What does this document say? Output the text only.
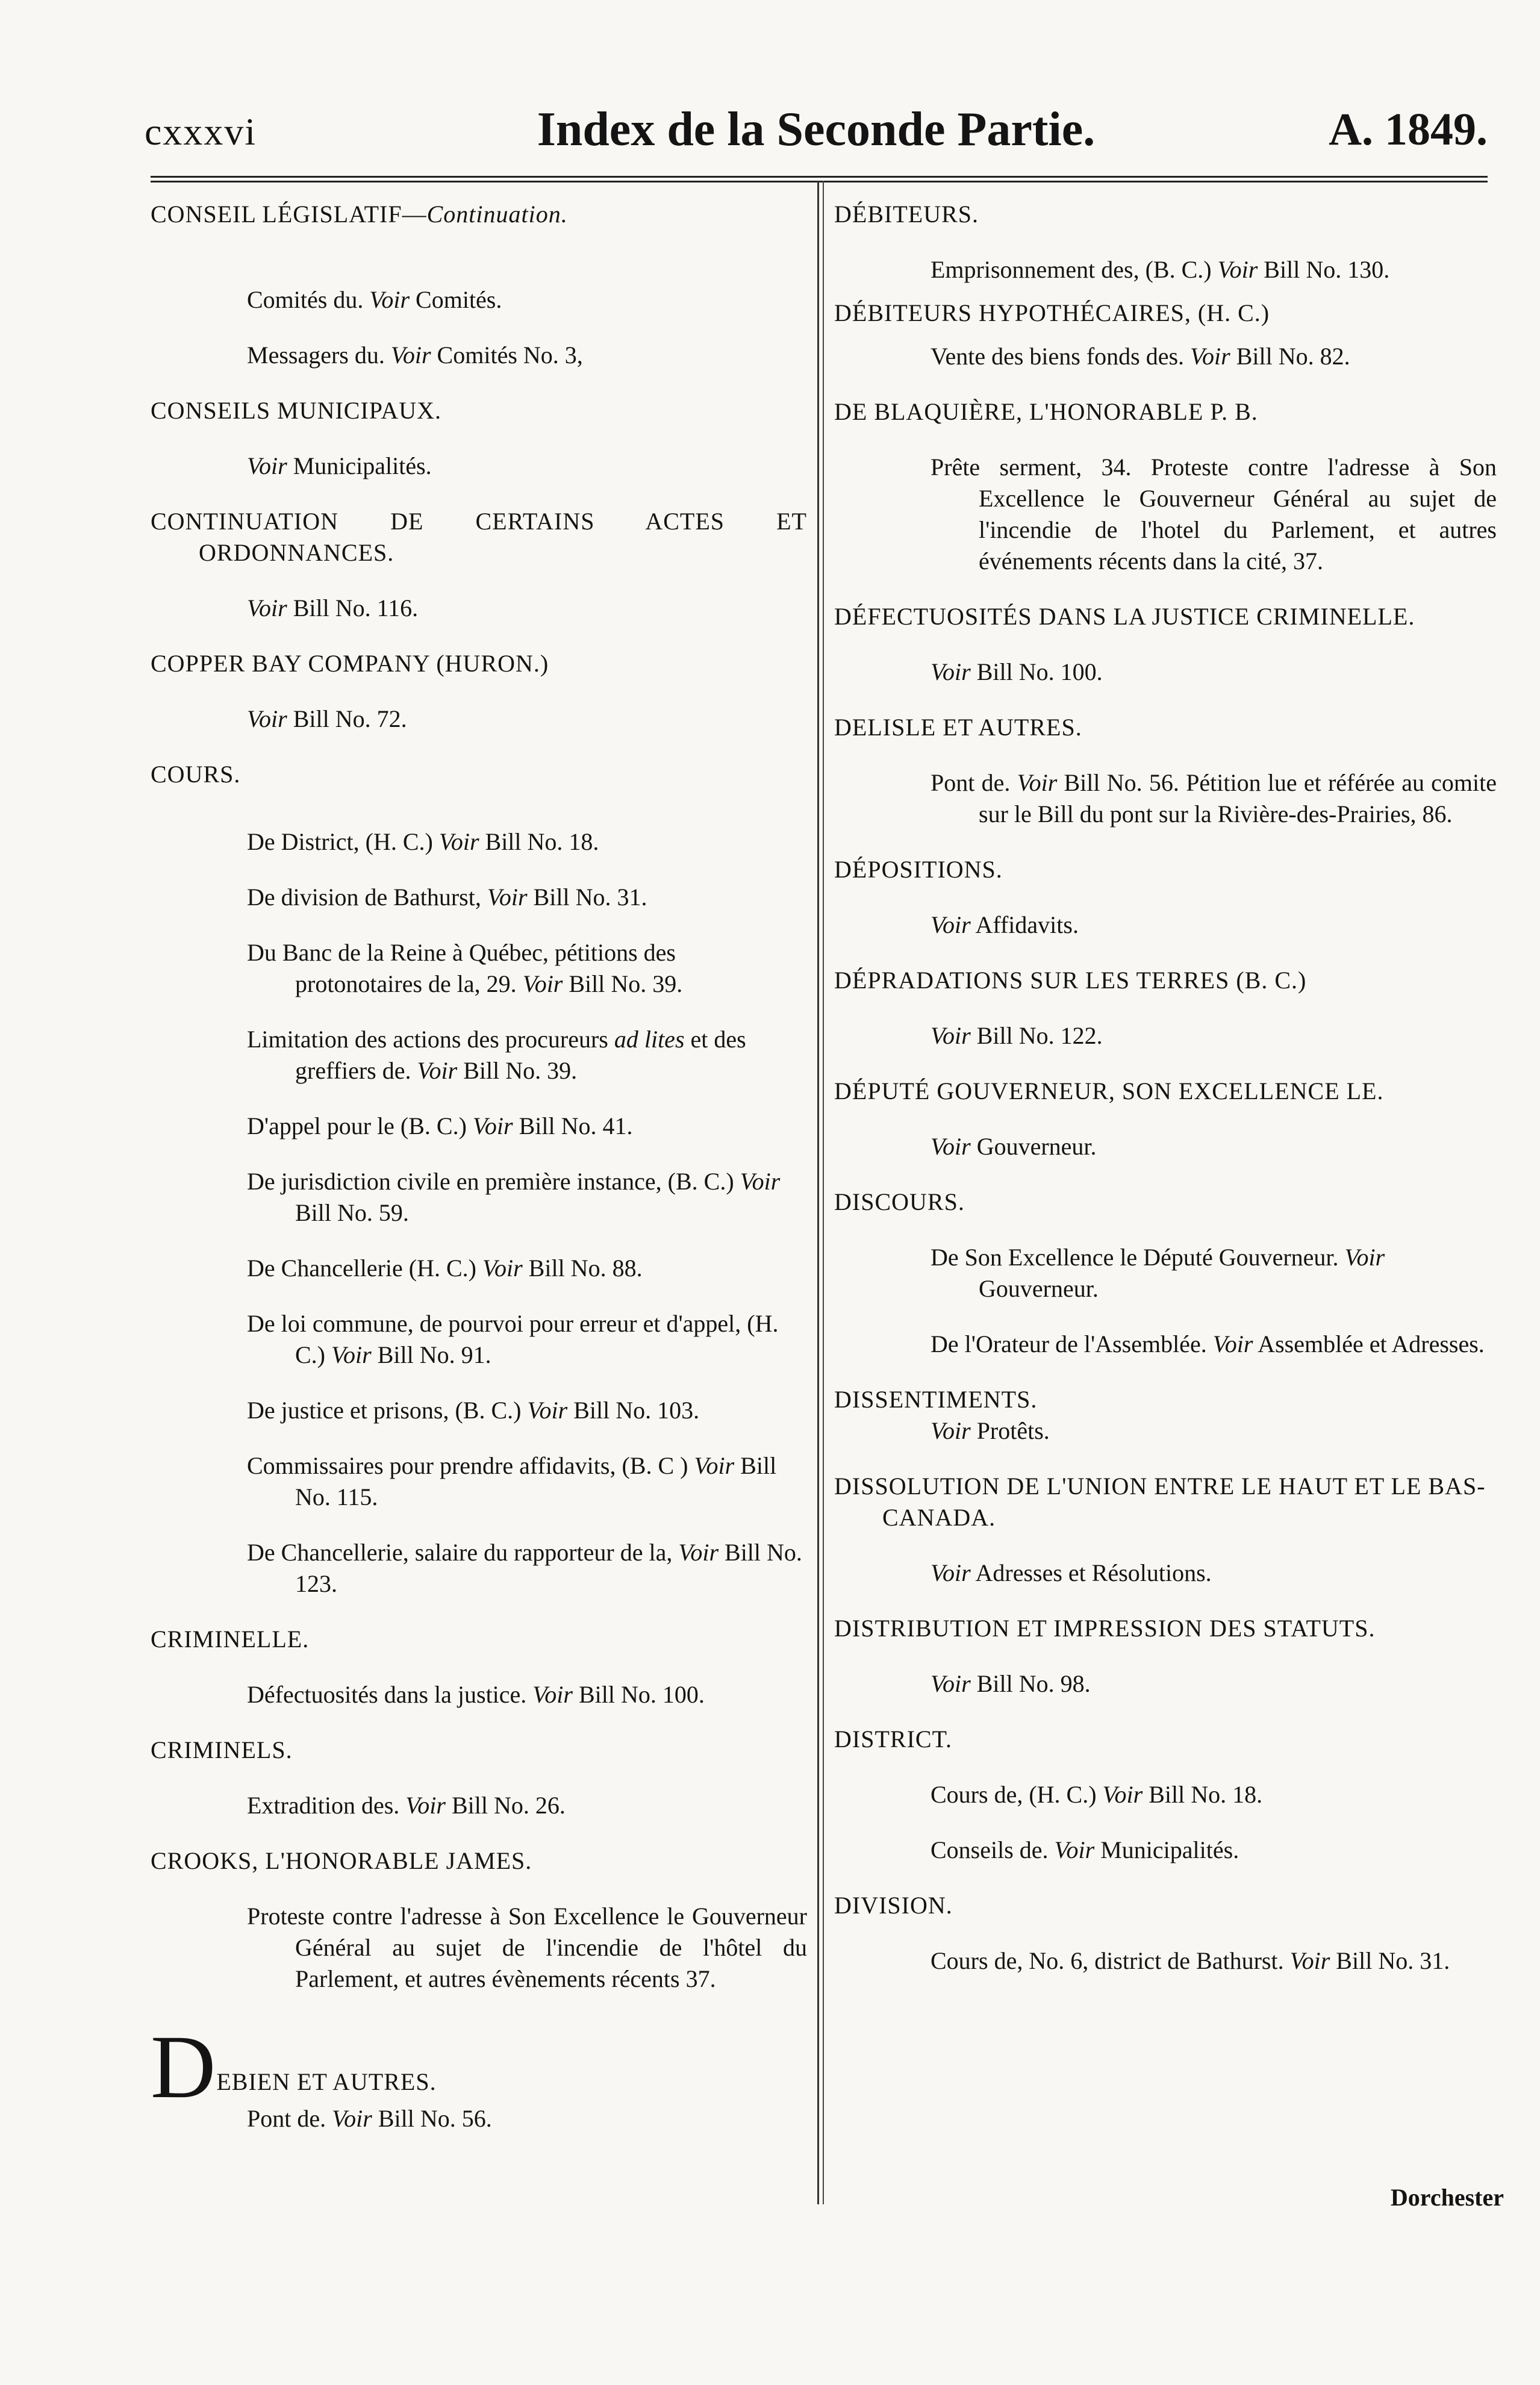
cxxxvi	Index de la Seconde Partie.	A. 1849.
CONSEIL LÉGISLATIF—Continuation.
Comités du. Voir Comités.
Messagers du. Voir Comités No. 3,
CONSEILS MUNICIPAUX.
Voir Municipalités.
CONTINUATION DE CERTAINS ACTES ET ORDONNANCES.
Voir Bill No. 116.
COPPER BAY COMPANY (HURON.)
Voir Bill No. 72.
COURS.
De District, (H. C.) Voir Bill No. 18.
De division de Bathurst, Voir Bill No. 31.
Du Banc de la Reine à Québec, pétitions des protonotaires de la, 29. Voir Bill No. 39.
Limitation des actions des procureurs ad lites et des greffiers de. Voir Bill No. 39.
D'appel pour le (B. C.) Voir Bill No. 41.
De jurisdiction civile en première instance, (B. C.) Voir Bill No. 59.
De Chancellerie (H. C.) Voir Bill No. 88.
De loi commune, de pourvoi pour erreur et d'appel, (H. C.) Voir Bill No. 91.
De justice et prisons, (B. C.) Voir Bill No. 103.
Commissaires pour prendre affidavits, (B. C ) Voir Bill No. 115.
De Chancellerie, salaire du rapporteur de la, Voir Bill No. 123.
CRIMINELLE.
Défectuosités dans la justice. Voir Bill No. 100.
CRIMINELS.
Extradition des. Voir Bill No. 26.
CROOKS, L'HONORABLE JAMES.
Proteste contre l'adresse à Son Excellence le Gouverneur Général au sujet de l'incendie de l'hôtel du Parlement, et autres évènements récents 37.
DEBIEN ET AUTRES.
Pont de. Voir Bill No. 56.
DÉBITEURS.
Emprisonnement des, (B. C.) Voir Bill No. 130.
DÉBITEURS HYPOTHÉCAIRES, (H. C.)
Vente des biens fonds des. Voir Bill No. 82.
DE BLAQUIÈRE, L'HONORABLE P. B.
Prête serment, 34. Proteste contre l'adresse à Son Excellence le Gouverneur Général au sujet de l'incendie de l'hotel du Parlement, et autres événements récents dans la cité, 37.
DÉFECTUOSITÉS DANS LA JUSTICE CRIMINELLE.
Voir Bill No. 100.
DELISLE ET AUTRES.
Pont de. Voir Bill No. 56. Pétition lue et référée au comite sur le Bill du pont sur la Rivière-des-Prairies, 86.
DÉPOSITIONS.
Voir Affidavits.
DÉPRADATIONS SUR LES TERRES (B. C.)
Voir Bill No. 122.
DÉPUTÉ GOUVERNEUR, SON EXCELLENCE LE.
Voir Gouverneur.
DISCOURS.
De Son Excellence le Député Gouverneur. Voir Gouverneur.
De l'Orateur de l'Assemblée. Voir Assemblée et Adresses.
DISSENTIMENTS.
Voir Protêts.
DISSOLUTION DE L'UNION ENTRE LE HAUT ET LE BAS-CANADA.
Voir Adresses et Résolutions.
DISTRIBUTION ET IMPRESSION DES STATUTS.
Voir Bill No. 98.
DISTRICT.
Cours de, (H. C.) Voir Bill No. 18.
Conseils de. Voir Municipalités.
DIVISION.
Cours de, No. 6, district de Bathurst. Voir Bill No. 31.
Dorchester
